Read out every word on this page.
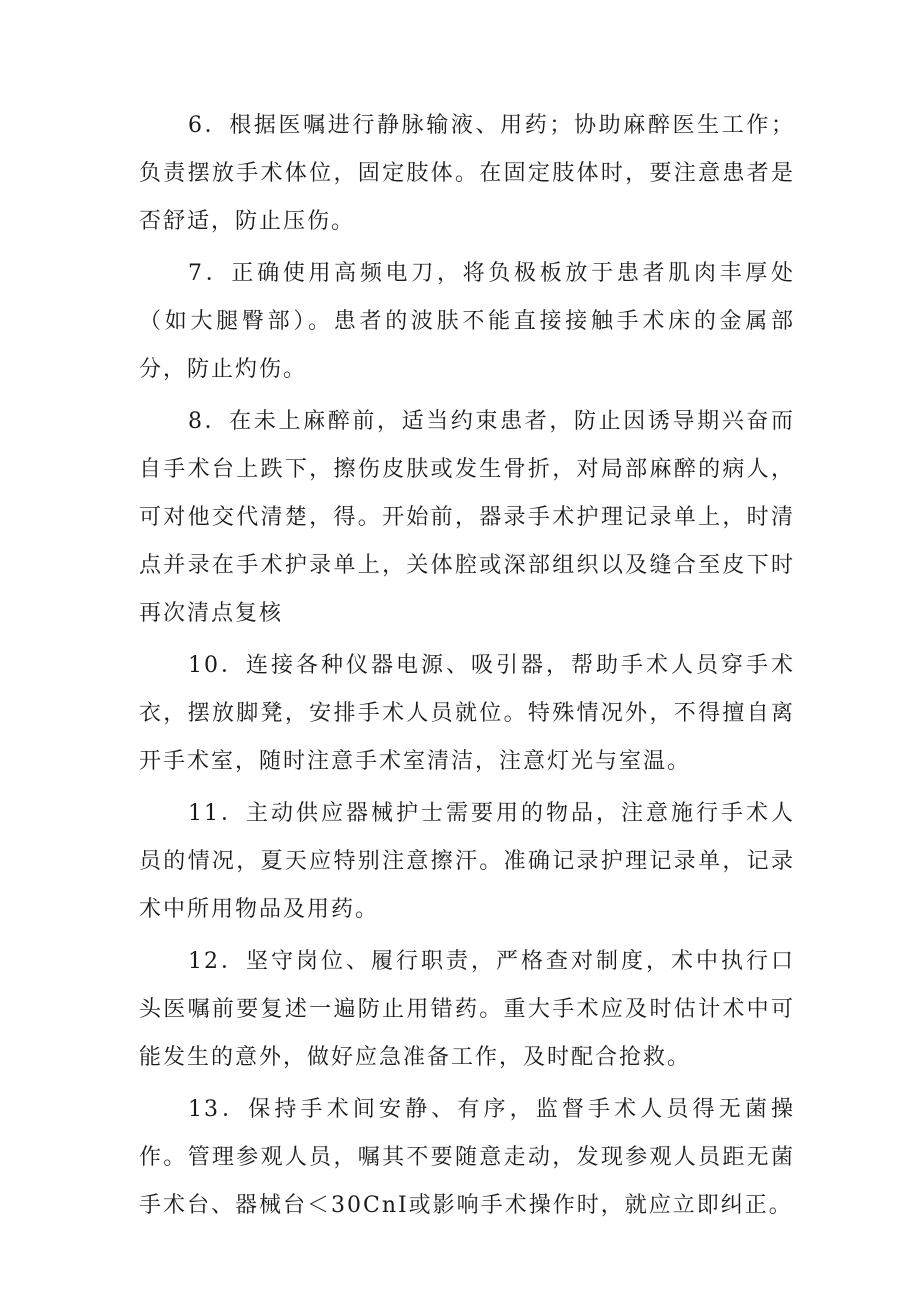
6．根据医嘱进行静脉输液、用药；协助麻醉医生工作；负责摆放手术体位，固定肢体。在固定肢体时，要注意患者是否舒适，防止压伤。

7．正确使用高频电刀，将负极板放于患者肌肉丰厚处（如大腿臀部）。患者的波肤不能直接接触手术床的金属部分，防止灼伤。

8．在未上麻醉前，适当约束患者，防止因诱导期兴奋而自手术台上跌下，擦伤皮肤或发生骨折，对局部麻醉的病人，可对他交代清楚，得。开始前，器录手术护理记录单上，时清点并录在手术护录单上，关体腔或深部组织以及缝合至皮下时再次清点复核

10．连接各种仪器电源、吸引器，帮助手术人员穿手术衣，摆放脚凳，安排手术人员就位。特殊情况外，不得擅自离开手术室，随时注意手术室清洁，注意灯光与室温。

11．主动供应器械护士需要用的物品，注意施行手术人员的情况，夏天应特别注意擦汗。准确记录护理记录单，记录术中所用物品及用药。

12．坚守岗位、履行职责，严格查对制度，术中执行口头医嘱前要复述一遍防止用错药。重大手术应及时估计术中可能发生的意外，做好应急准备工作，及时配合抢救。

13．保持手术间安静、有序，监督手术人员得无菌操作。管理参观人员，嘱其不要随意走动，发现参观人员距无菌手术台、器械台＜30CnI或影响手术操作时，就应立即纠正。
